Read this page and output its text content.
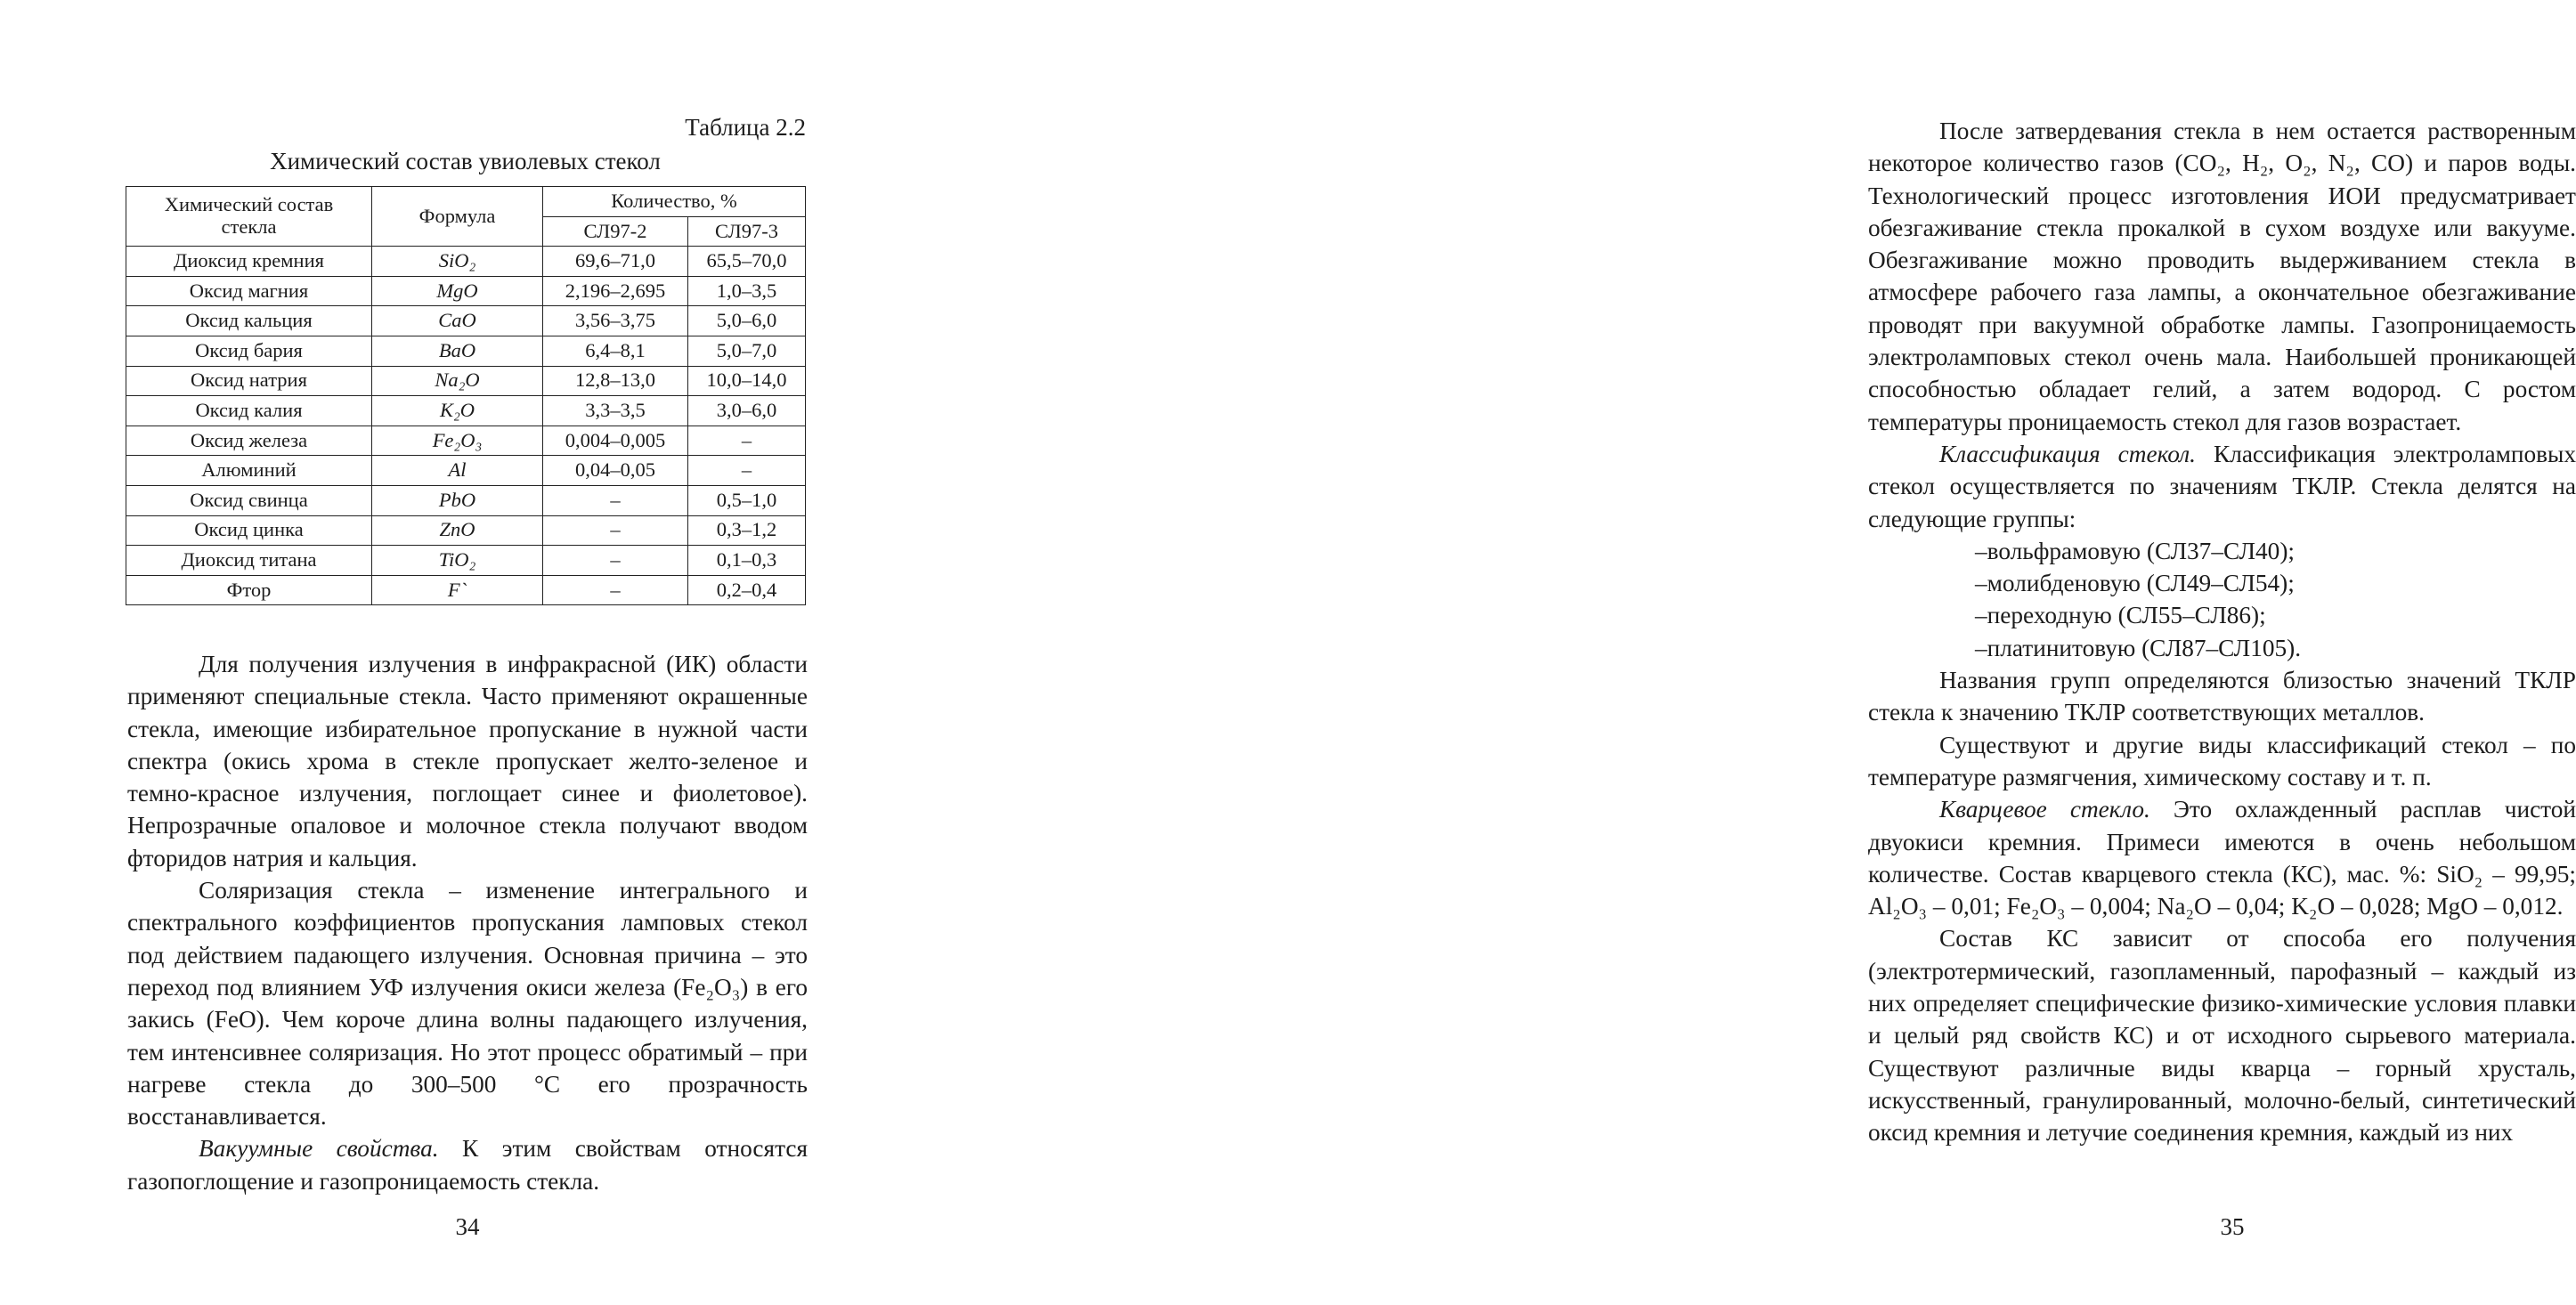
Таблица 2.2
Химический состав увиолевых стекол
Химический состав стекла	Формула	Количество, %	
		СЛ97-2	СЛ97-3
Диоксид кремния	SiO₂	69,6–71,0	65,5–70,0
Оксид магния	MgO	2,196–2,695	1,0–3,5
Оксид кальция	CaO	3,56–3,75	5,0–6,0
Оксид бария	BaO	6,4–8,1	5,0–7,0
Оксид натрия	Na₂O	12,8–13,0	10,0–14,0
Оксид калия	K₂O	3,3–3,5	3,0–6,0
Оксид железа	Fe₂O₃	0,004–0,005	–
Алюминий	Al	0,04–0,05	–
Оксид свинца	PbO	–	0,5–1,0
Оксид цинка	ZnO	–	0,3–1,2
Диоксид титана	TiO₂	–	0,1–0,3
Фтор	F`	–	0,2–0,4

Для получения излучения в инфракрасной (ИК) области применяют специальные стекла. Часто применяют окрашенные стекла, имеющие избирательное пропускание в нужной части спектра (окись хрома в стекле пропускает желто-зеленое и темно-красное излучения, поглощает синее и фиолетовое). Непрозрачные опаловое и молочное стекла получают вводом фторидов натрия и кальция.

Соляризация стекла – изменение интегрального и спектрального коэффициентов пропускания ламповых стекол под действием падающего излучения. Основная причина – это переход под влиянием УФ излучения окиси железа (Fe₂O₃) в его закись (FeO). Чем короче длина волны падающего излучения, тем интенсивнее соляризация. Но этот процесс обратимый – при нагреве стекла до 300–500 °C его прозрачность восстанавливается.

Вакуумные свойства. К этим свойствам относятся газопоглощение и газопроницаемость стекла.

34

После затвердевания стекла в нем остается растворенным некоторое количество газов (CO₂, H₂, O₂, N₂, CO) и паров воды. Технологический процесс изготовления ИОИ предусматривает обезгаживание стекла прокалкой в сухом воздухе или вакууме. Обезгаживание можно проводить выдерживанием стекла в атмосфере рабочего газа лампы, а окончательное обезгаживание проводят при вакуумной обработке лампы. Газопроницаемость электроламповых стекол очень мала. Наибольшей проникающей способностью обладает гелий, а затем водород. С ростом температуры проницаемость стекол для газов возрастает.

Классификация стекол. Классификация электроламповых стекол осуществляется по значениям ТКЛР. Стекла делятся на следующие группы:

–вольфрамовую (СЛ37–СЛ40);

–молибденовую (СЛ49–СЛ54);

–переходную (СЛ55–СЛ86);

–платинитовую (СЛ87–СЛ105).

Названия групп определяются близостью значений ТКЛР стекла к значению ТКЛР соответствующих металлов.

Существуют и другие виды классификаций стекол – по температуре размягчения, химическому составу и т. п.

Кварцевое стекло. Это охлажденный расплав чистой двуокиси кремния. Примеси имеются в очень небольшом количестве. Состав кварцевого стекла (КС), мас. %: SiO₂ – 99,95; Al₂O₃ – 0,01; Fe₂O₃ – 0,004; Na₂O – 0,04; K₂O – 0,028; MgO – 0,012.

Состав КС зависит от способа его получения (электротермический, газопламенный, парофазный – каждый из них определяет специфические физико-химические условия плавки и целый ряд свойств КС) и от исходного сырьевого материала. Существуют различные виды кварца – горный хрусталь, искусственный, гранулированный, молочно-белый, синтетический оксид кремния и летучие соединения кремния, каждый из них

35
